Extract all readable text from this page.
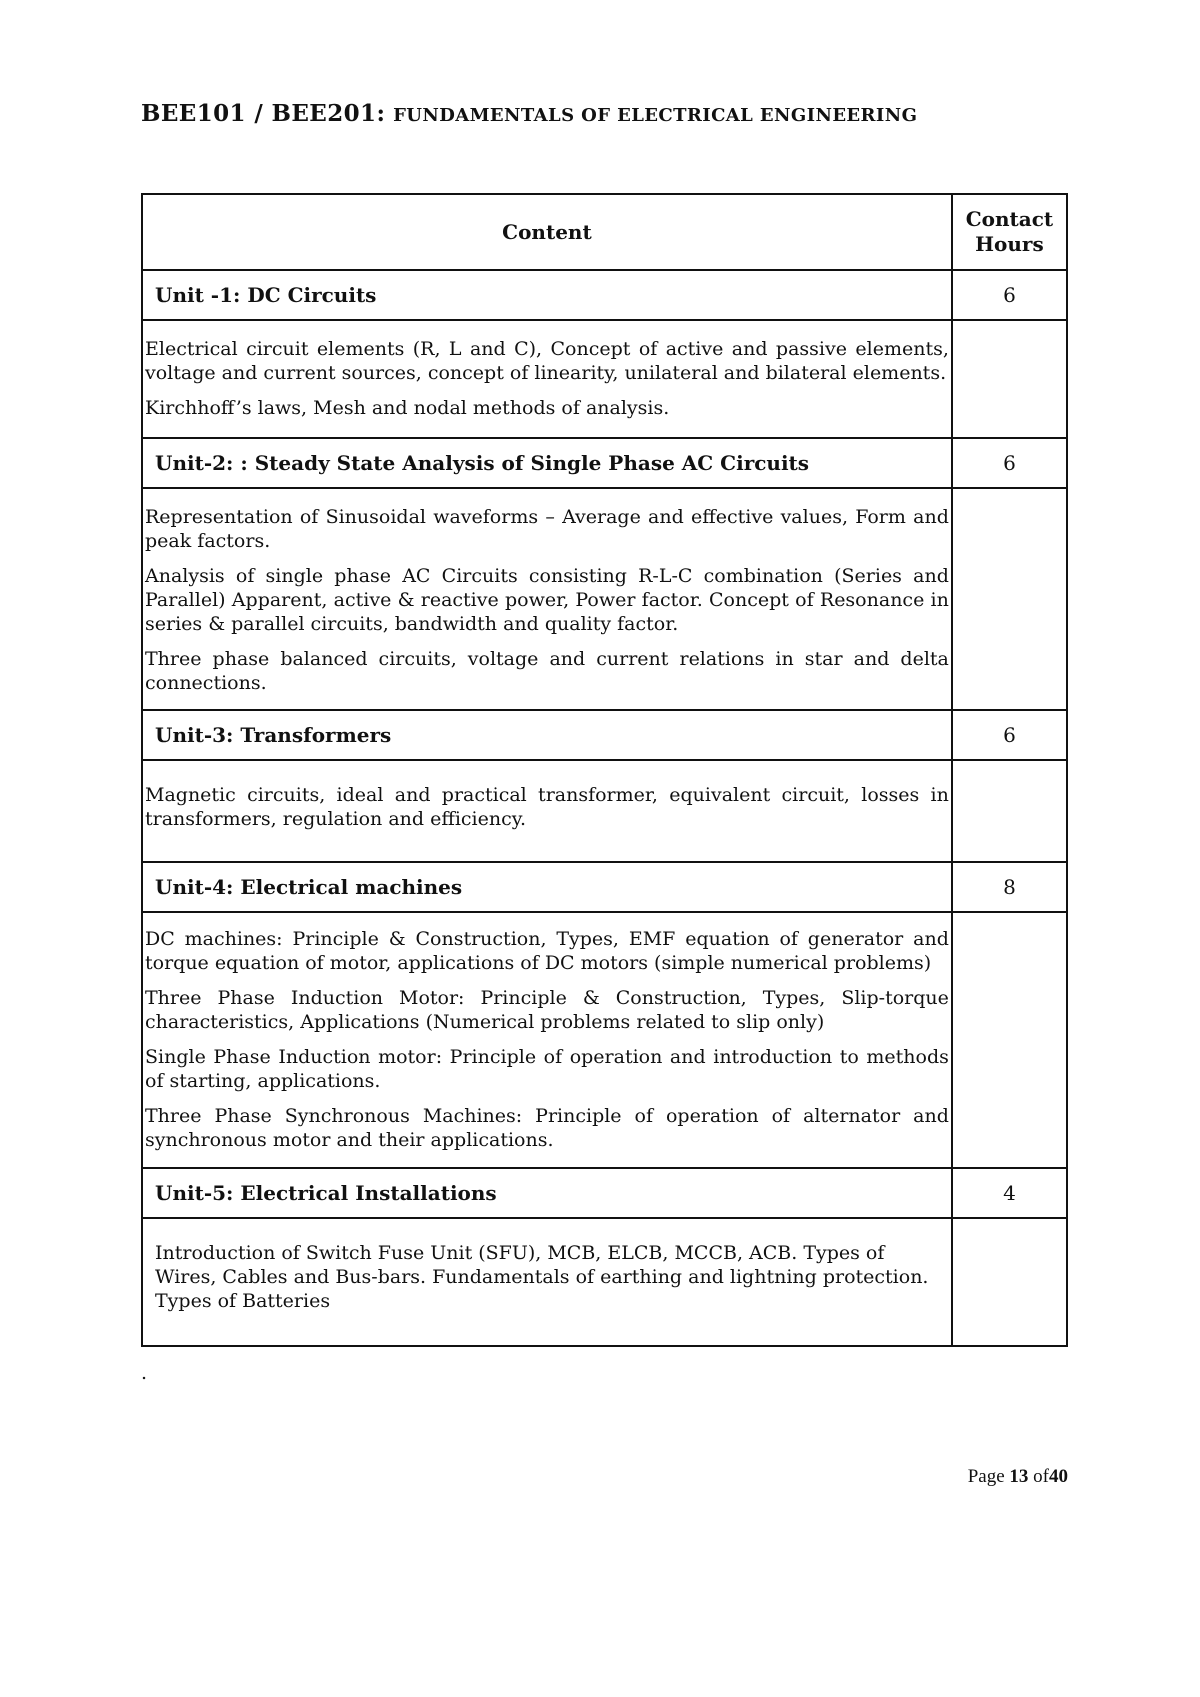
BEE101 / BEE201: FUNDAMENTALS OF ELECTRICAL ENGINEERING
Content	Contact Hours
Unit -1: DC Circuits	6

Electrical circuit elements (R, L and C), Concept of active and passive elements, voltage and current sources, concept of linearity, unilateral and bilateral elements.

Kirchhoff’s laws, Mesh and nodal methods of analysis.	

Unit-2: : Steady State Analysis of Single Phase AC Circuits	6

Representation of Sinusoidal waveforms – Average and effective values, Form and peak factors.

Analysis of single phase AC Circuits consisting R-L-C combination (Series and Parallel) Apparent, active & reactive power, Power factor. Concept of Resonance in series & parallel circuits, bandwidth and quality factor.

Three phase balanced circuits, voltage and current relations in star and delta connections.	

Unit-3: Transformers	6

Magnetic circuits, ideal and practical transformer, equivalent circuit, losses in transformers, regulation and efficiency.	

Unit-4: Electrical machines	8

DC machines: Principle & Construction, Types, EMF equation of generator and torque equation of motor, applications of DC motors (simple numerical problems)

Three Phase Induction Motor: Principle & Construction, Types, Slip-torque characteristics, Applications (Numerical problems related to slip only)

Single Phase Induction motor: Principle of operation and introduction to methods of starting, applications.

Three Phase Synchronous Machines: Principle of operation of alternator and synchronous motor and their applications.	

Unit-5: Electrical Installations	4

Introduction of Switch Fuse Unit (SFU), MCB, ELCB, MCCB, ACB. Types of Wires, Cables and Bus-bars. Fundamentals of earthing and lightning protection. Types of Batteries	

.
Page 13 of40
